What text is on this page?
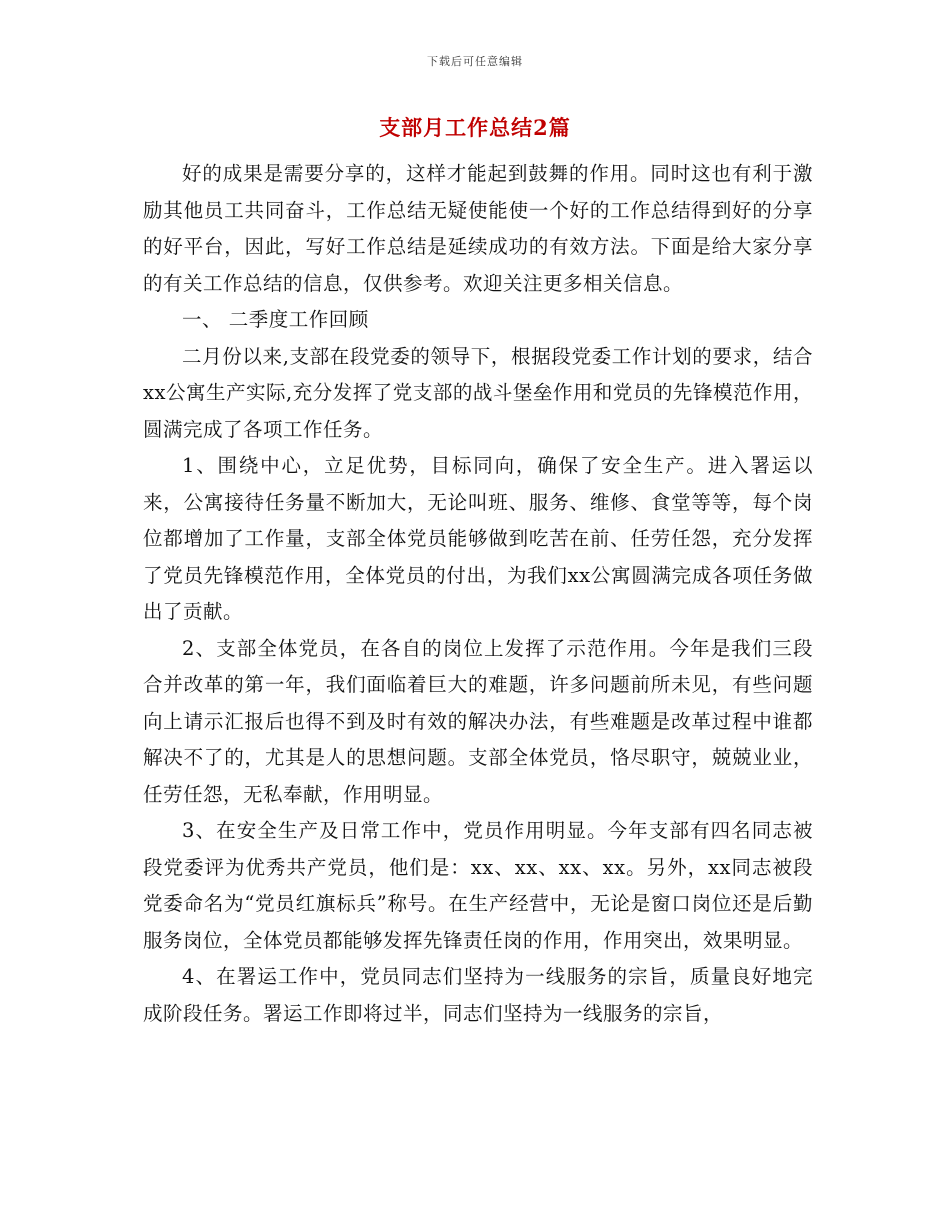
下载后可任意编辑
支部月工作总结2篇

好的成果是需要分享的，这样才能起到鼓舞的作用。同时这也有利于激励其他员工共同奋斗，工作总结无疑使能使一个好的工作总结得到好的分享的好平台，因此，写好工作总结是延续成功的有效方法。下面是给大家分享的有关工作总结的信息，仅供参考。欢迎关注更多相关信息。

一、 二季度工作回顾

二月份以来,支部在段党委的领导下，根据段党委工作计划的要求，结合xx公寓生产实际,充分发挥了党支部的战斗堡垒作用和党员的先锋模范作用，圆满完成了各项工作任务。

1、围绕中心，立足优势，目标同向，确保了安全生产。进入署运以来，公寓接待任务量不断加大，无论叫班、服务、维修、食堂等等，每个岗位都增加了工作量，支部全体党员能够做到吃苦在前、任劳任怨，充分发挥了党员先锋模范作用，全体党员的付出，为我们xx公寓圆满完成各项任务做出了贡献。

2、支部全体党员，在各自的岗位上发挥了示范作用。今年是我们三段合并改革的第一年，我们面临着巨大的难题，许多问题前所未见，有些问题向上请示汇报后也得不到及时有效的解决办法，有些难题是改革过程中谁都解决不了的，尤其是人的思想问题。支部全体党员，恪尽职守，兢兢业业，任劳任怨，无私奉献，作用明显。

3、在安全生产及日常工作中，党员作用明显。今年支部有四名同志被段党委评为优秀共产党员，他们是：xx、xx、xx、xx。另外，xx同志被段党委命名为“党员红旗标兵”称号。在生产经营中，无论是窗口岗位还是后勤服务岗位，全体党员都能够发挥先锋责任岗的作用，作用突出，效果明显。

4、在署运工作中，党员同志们坚持为一线服务的宗旨，质量良好地完成阶段任务。署运工作即将过半，同志们坚持为一线服务的宗旨，
